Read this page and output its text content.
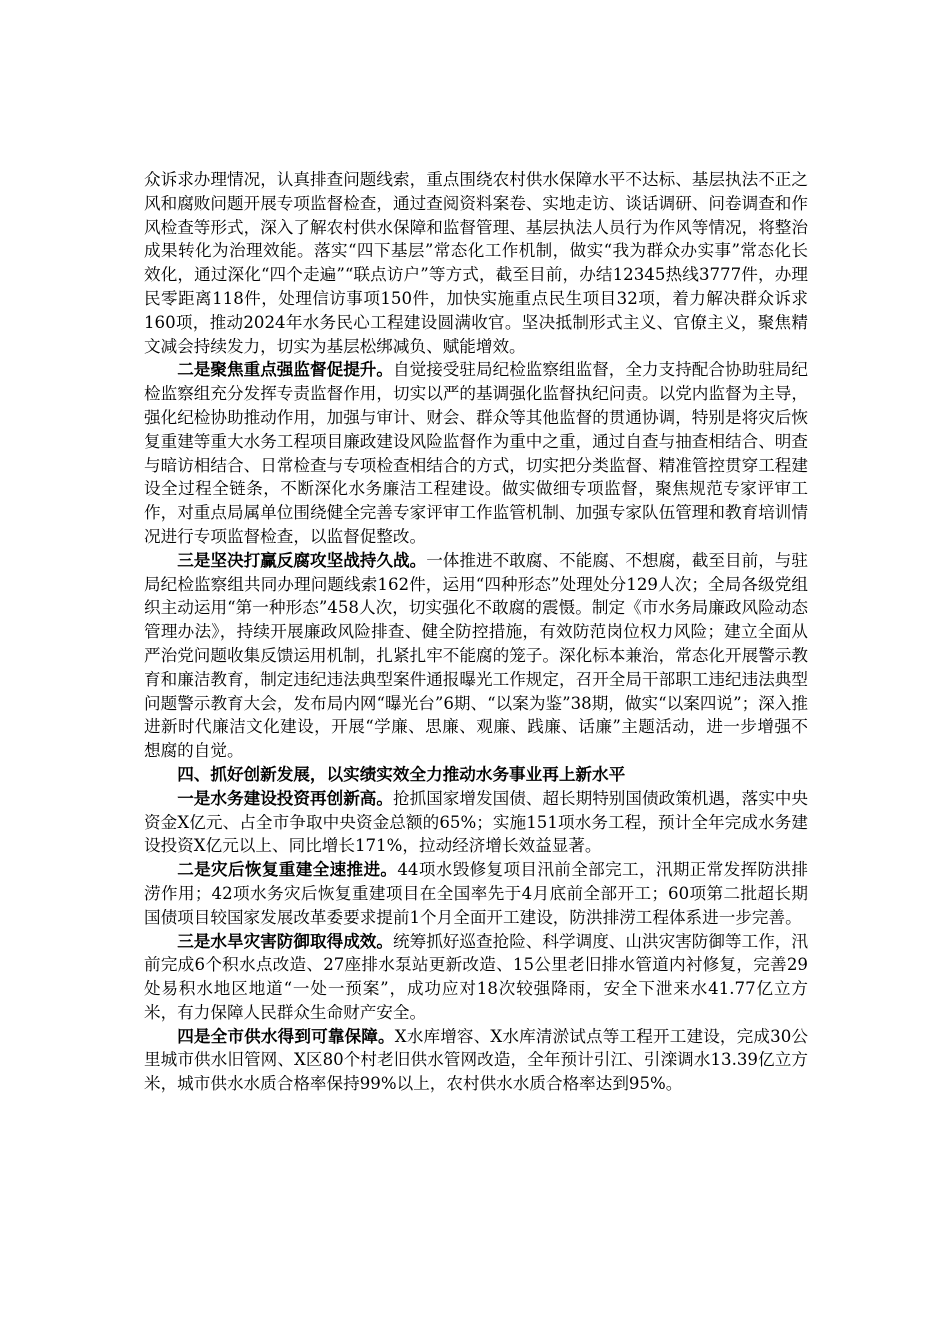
众诉求办理情况，认真排查问题线索，重点围绕农村供水保障水平不达标、基层执法不正之风和腐败问题开展专项监督检查，通过查阅资料案卷、实地走访、谈话调研、问卷调查和作风检查等形式，深入了解农村供水保障和监督管理、基层执法人员行为作风等情况，将整治成果转化为治理效能。落实“四下基层”常态化工作机制，做实“我为群众办实事”常态化长效化，通过深化“四个走遍”“联点访户”等方式，截至目前，办结12345热线3777件，办理民零距离118件，处理信访事项150件，加快实施重点民生项目32项，着力解决群众诉求160项，推动2024年水务民心工程建设圆满收官。坚决抵制形式主义、官僚主义，聚焦精文减会持续发力，切实为基层松绑减负、赋能增效。

二是聚焦重点强监督促提升。自觉接受驻局纪检监察组监督，全力支持配合协助驻局纪检监察组充分发挥专责监督作用，切实以严的基调强化监督执纪问责。以党内监督为主导，强化纪检协助推动作用，加强与审计、财会、群众等其他监督的贯通协调，特别是将灾后恢复重建等重大水务工程项目廉政建设风险监督作为重中之重，通过自查与抽查相结合、明查与暗访相结合、日常检查与专项检查相结合的方式，切实把分类监督、精准管控贯穿工程建设全过程全链条，不断深化水务廉洁工程建设。做实做细专项监督，聚焦规范专家评审工作，对重点局属单位围绕健全完善专家评审工作监管机制、加强专家队伍管理和教育培训情况进行专项监督检查，以监督促整改。

三是坚决打赢反腐攻坚战持久战。一体推进不敢腐、不能腐、不想腐，截至目前，与驻局纪检监察组共同办理问题线索162件，运用“四种形态”处理处分129人次；全局各级党组织主动运用“第一种形态”458人次，切实强化不敢腐的震慑。制定《市水务局廉政风险动态管理办法》，持续开展廉政风险排查、健全防控措施，有效防范岗位权力风险；建立全面从严治党问题收集反馈运用机制，扎紧扎牢不能腐的笼子。深化标本兼治，常态化开展警示教育和廉洁教育，制定违纪违法典型案件通报曝光工作规定，召开全局干部职工违纪违法典型问题警示教育大会，发布局内网“曝光台”6期、“以案为鉴”38期，做实“以案四说”；深入推进新时代廉洁文化建设，开展“学廉、思廉、观廉、践廉、话廉”主题活动，进一步增强不想腐的自觉。

四、抓好创新发展，以实绩实效全力推动水务事业再上新水平

一是水务建设投资再创新高。抢抓国家增发国债、超长期特别国债政策机遇，落实中央资金X亿元、占全市争取中央资金总额的65%；实施151项水务工程，预计全年完成水务建设投资X亿元以上、同比增长171%，拉动经济增长效益显著。

二是灾后恢复重建全速推进。44项水毁修复项目汛前全部完工，汛期正常发挥防洪排涝作用；42项水务灾后恢复重建项目在全国率先于4月底前全部开工；60项第二批超长期国债项目较国家发展改革委要求提前1个月全面开工建设，防洪排涝工程体系进一步完善。

三是水旱灾害防御取得成效。统筹抓好巡查抢险、科学调度、山洪灾害防御等工作，汛前完成6个积水点改造、27座排水泵站更新改造、15公里老旧排水管道内衬修复，完善29处易积水地区地道“一处一预案”，成功应对18次较强降雨，安全下泄来水41.77亿立方米，有力保障人民群众生命财产安全。

四是全市供水得到可靠保障。X水库增容、X水库清淤试点等工程开工建设，完成30公里城市供水旧管网、X区80个村老旧供水管网改造，全年预计引江、引滦调水13.39亿立方米，城市供水水质合格率保持99%以上，农村供水水质合格率达到95%。
